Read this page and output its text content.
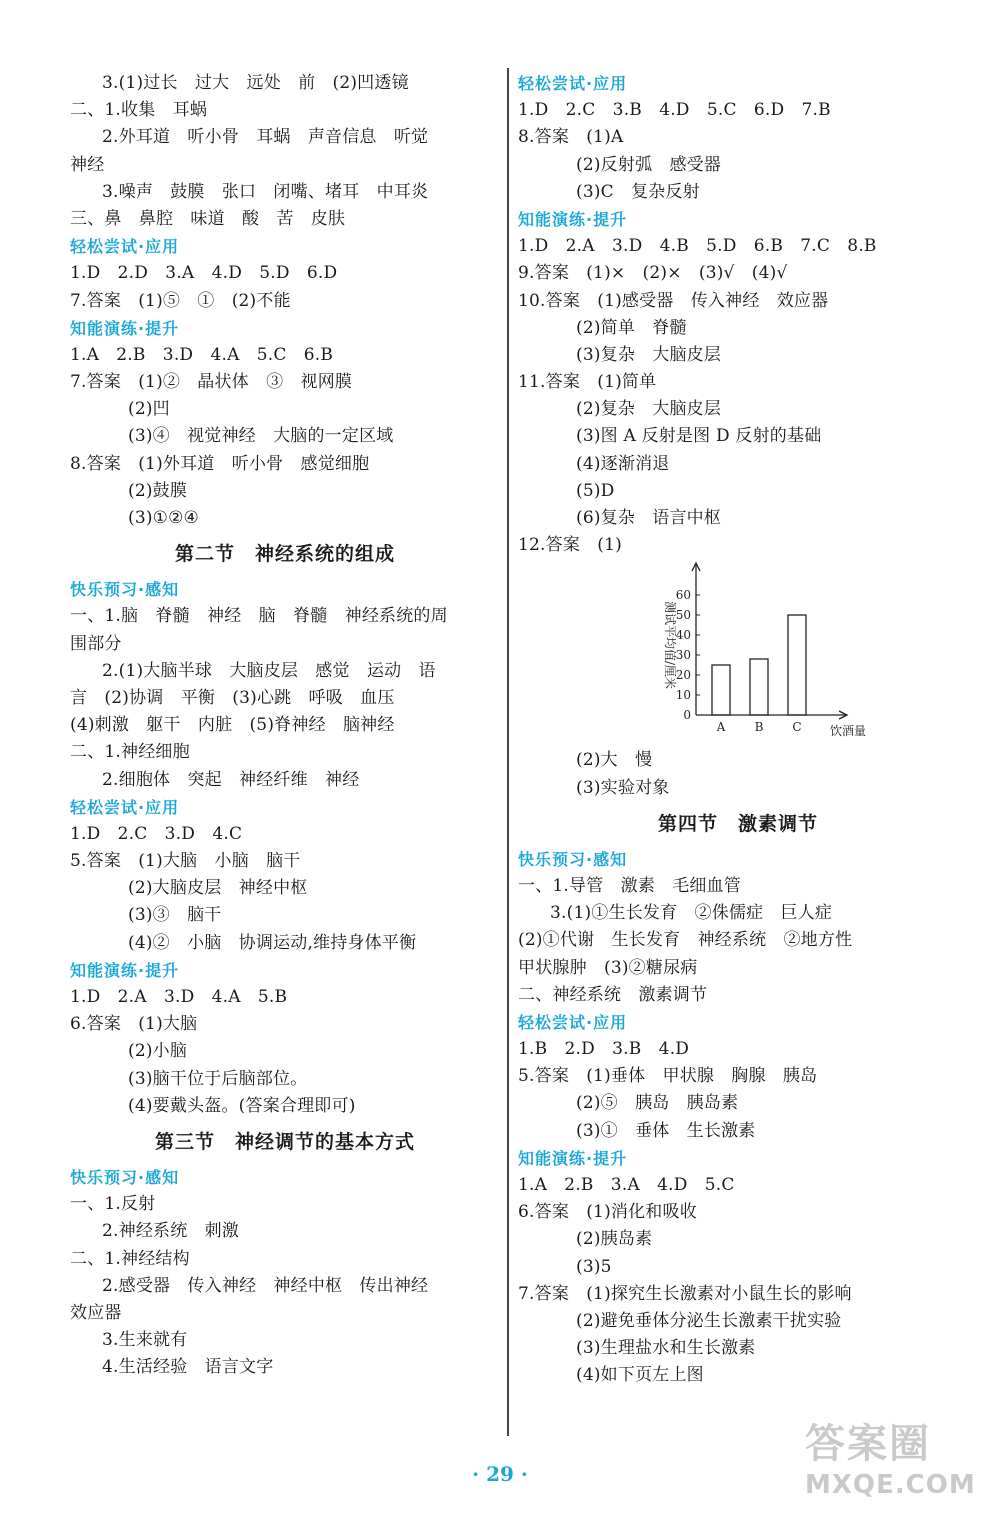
3.(1)过长　过大　远处　前　(2)凹透镜
二、1.收集　耳蜗
2.外耳道　听小骨　耳蜗　声音信息　听觉
神经
3.噪声　鼓膜　张口　闭嘴、堵耳　中耳炎
三、鼻　鼻腔　味道　酸　苦　皮肤
轻松尝试·应用
1.D　2.D　3.A　4.D　5.D　6.D
7.答案　(1)⑤　①　(2)不能
知能演练·提升
1.A　2.B　3.D　4.A　5.C　6.B
7.答案　(1)②　晶状体　③　视网膜
(2)凹
(3)④　视觉神经　大脑的一定区域
8.答案　(1)外耳道　听小骨　感觉细胞
(2)鼓膜
(3)①②④
第二节　神经系统的组成
快乐预习·感知
一、1.脑　脊髓　神经　脑　脊髓　神经系统的周
围部分
2.(1)大脑半球　大脑皮层　感觉　运动　语
言　(2)协调　平衡　(3)心跳　呼吸　血压
(4)刺激　躯干　内脏　(5)脊神经　脑神经
二、1.神经细胞
2.细胞体　突起　神经纤维　神经
轻松尝试·应用
1.D　2.C　3.D　4.C
5.答案　(1)大脑　小脑　脑干
(2)大脑皮层　神经中枢
(3)③　脑干
(4)②　小脑　协调运动,维持身体平衡
知能演练·提升
1.D　2.A　3.D　4.A　5.B
6.答案　(1)大脑
(2)小脑
(3)脑干位于后脑部位。
(4)要戴头盔。(答案合理即可)
第三节　神经调节的基本方式
快乐预习·感知
一、1.反射
2.神经系统　刺激
二、1.神经结构
2.感受器　传入神经　神经中枢　传出神经
效应器
3.生来就有
4.生活经验　语言文字
轻松尝试·应用
1.D　2.C　3.B　4.D　5.C　6.D　7.B
8.答案　(1)A
(2)反射弧　感受器
(3)C　复杂反射
知能演练·提升
1.D　2.A　3.D　4.B　5.D　6.B　7.C　8.B
9.答案　(1)×　(2)×　(3)√　(4)√
10.答案　(1)感受器　传入神经　效应器
(2)简单　脊髓
(3)复杂　大脑皮层
11.答案　(1)简单
(2)复杂　大脑皮层
(3)图 A 反射是图 D 反射的基础
(4)逐渐消退
(5)D
(6)复杂　语言中枢
12.答案　(1)
0
10
20
30
40
50
60
测试平均值/厘米
A B C 饮酒量
(2)大　慢
(3)实验对象
第四节　激素调节
快乐预习·感知
一、1.导管　激素　毛细血管
3.(1)①生长发育　②侏儒症　巨人症
(2)①代谢　生长发育　神经系统　②地方性
甲状腺肿　(3)②糖尿病
二、神经系统　激素调节
轻松尝试·应用
1.B　2.D　3.B　4.D
5.答案　(1)垂体　甲状腺　胸腺　胰岛
(2)⑤　胰岛　胰岛素
(3)①　垂体　生长激素
知能演练·提升
1.A　2.B　3.A　4.D　5.C
6.答案　(1)消化和吸收
(2)胰岛素
(3)5
7.答案　(1)探究生长激素对小鼠生长的影响
(2)避免垂体分泌生长激素干扰实验
(3)生理盐水和生长激素
(4)如下页左上图
· 29 ·
答案圈
MXQE.COM
